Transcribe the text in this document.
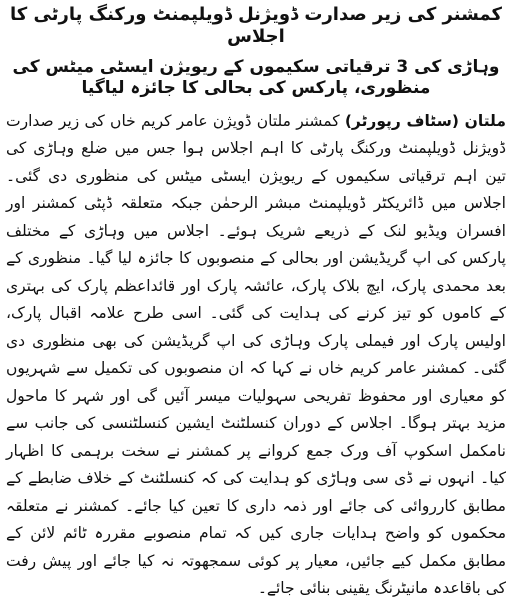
کمشنر کی زیر صدارت ڈویژنل ڈویلپمنٹ ورکنگ پارٹی کا اجلاس
وہاڑی کی 3 ترقیاتی سکیموں کے ریویژن ایسٹی میٹس کی منظوری، پارکس کی بحالی کا جائزہ لیاگیا

ملتان (سٹاف رپورٹر) کمشنر ملتان ڈویژن عامر کریم خاں کی زیر صدارت ڈویژنل ڈویلپمنٹ ورکنگ پارٹی کا اہم اجلاس ہوا جس میں ضلع وہاڑی کی تین اہم ترقیاتی سکیموں کے ریویژن ایسٹی میٹس کی منظوری دی گئی۔ اجلاس میں ڈائریکٹر ڈویلپمنٹ مبشر الرحمٰن جبکہ متعلقہ ڈپٹی کمشنر اور افسران ویڈیو لنک کے ذریعے شریک ہوئے۔ اجلاس میں وہاڑی کے مختلف پارکس کی اپ گریڈیشن اور بحالی کے منصوبوں کا جائزہ لیا گیا۔ منظوری کے بعد محمدی پارک، ایچ بلاک پارک، عائشہ پارک اور قائداعظم پارک کی بہتری کے کاموں کو تیز کرنے کی ہدایت کی گئی۔ اسی طرح علامہ اقبال پارک، اولیس پارک اور فیملی پارک وہاڑی کی اپ گریڈیشن کی بھی منظوری دی گئی۔ کمشنر عامر کریم خاں نے کہا کہ ان منصوبوں کی تکمیل سے شہریوں کو معیاری اور محفوظ تفریحی سہولیات میسر آئیں گی اور شہر کا ماحول مزید بہتر ہوگا۔ اجلاس کے دوران کنسلٹنٹ ایشین کنسلٹنسی کی جانب سے نامکمل اسکوپ آف ورک جمع کروانے پر کمشنر نے سخت برہمی کا اظہار کیا۔ انہوں نے ڈی سی وہاڑی کو ہدایت کی کہ کنسلٹنٹ کے خلاف ضابطے کے مطابق کارروائی کی جائے اور ذمہ داری کا تعین کیا جائے۔ کمشنر نے متعلقہ محکموں کو واضح ہدایات جاری کیں کہ تمام منصوبے مقررہ ٹائم لائن کے مطابق مکمل کیے جائیں، معیار پر کوئی سمجھوتہ نہ کیا جائے اور پیش رفت کی باقاعدہ مانیٹرنگ یقینی بنائی جائے۔
